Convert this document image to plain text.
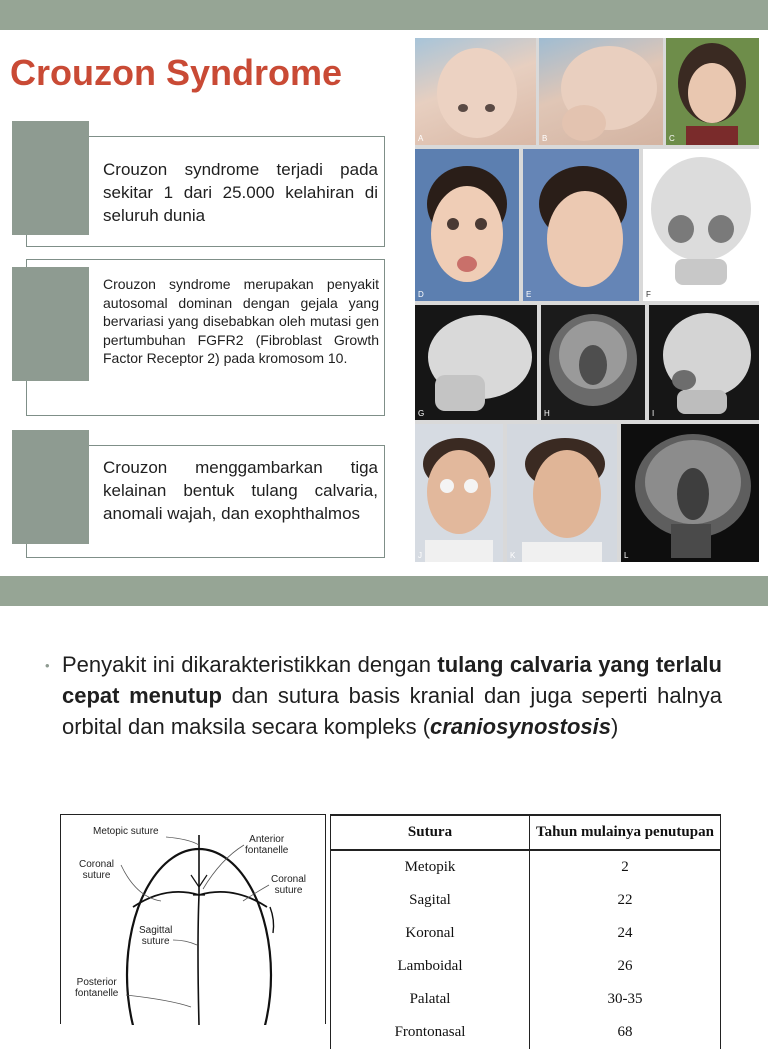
Crouzon Syndrome
Crouzon syndrome terjadi pada sekitar 1 dari 25.000 kelahiran di seluruh dunia
Crouzon syndrome merupakan penyakit autosomal dominan dengan gejala yang bervariasi yang disebabkan oleh mutasi gen pertumbuhan FGFR2 (Fibroblast Growth Factor Receptor 2) pada kromosom 10.
Crouzon menggambarkan tiga kelainan bentuk tulang calvaria, anomali wajah, dan exophthalmos
A	B	C
D	E	F
G	H	I
J	K	L
• Penyakit ini dikarakteristikkan dengan tulang calvaria yang terlalu cepat menutup dan sutura basis kranial dan juga seperti halnya orbital dan maksila secara kompleks (craniosynostosis)
Metopic suture
Anterior
fontanelle
Coronal
suture	Coronal
suture
Sagittal
suture
Posterior
fontanelle
Sutura	Tahun mulainya penutupan
Metopik	2
Sagital	22
Koronal	24
Lamboidal	26
Palatal	30-35
Frontonasal	68
